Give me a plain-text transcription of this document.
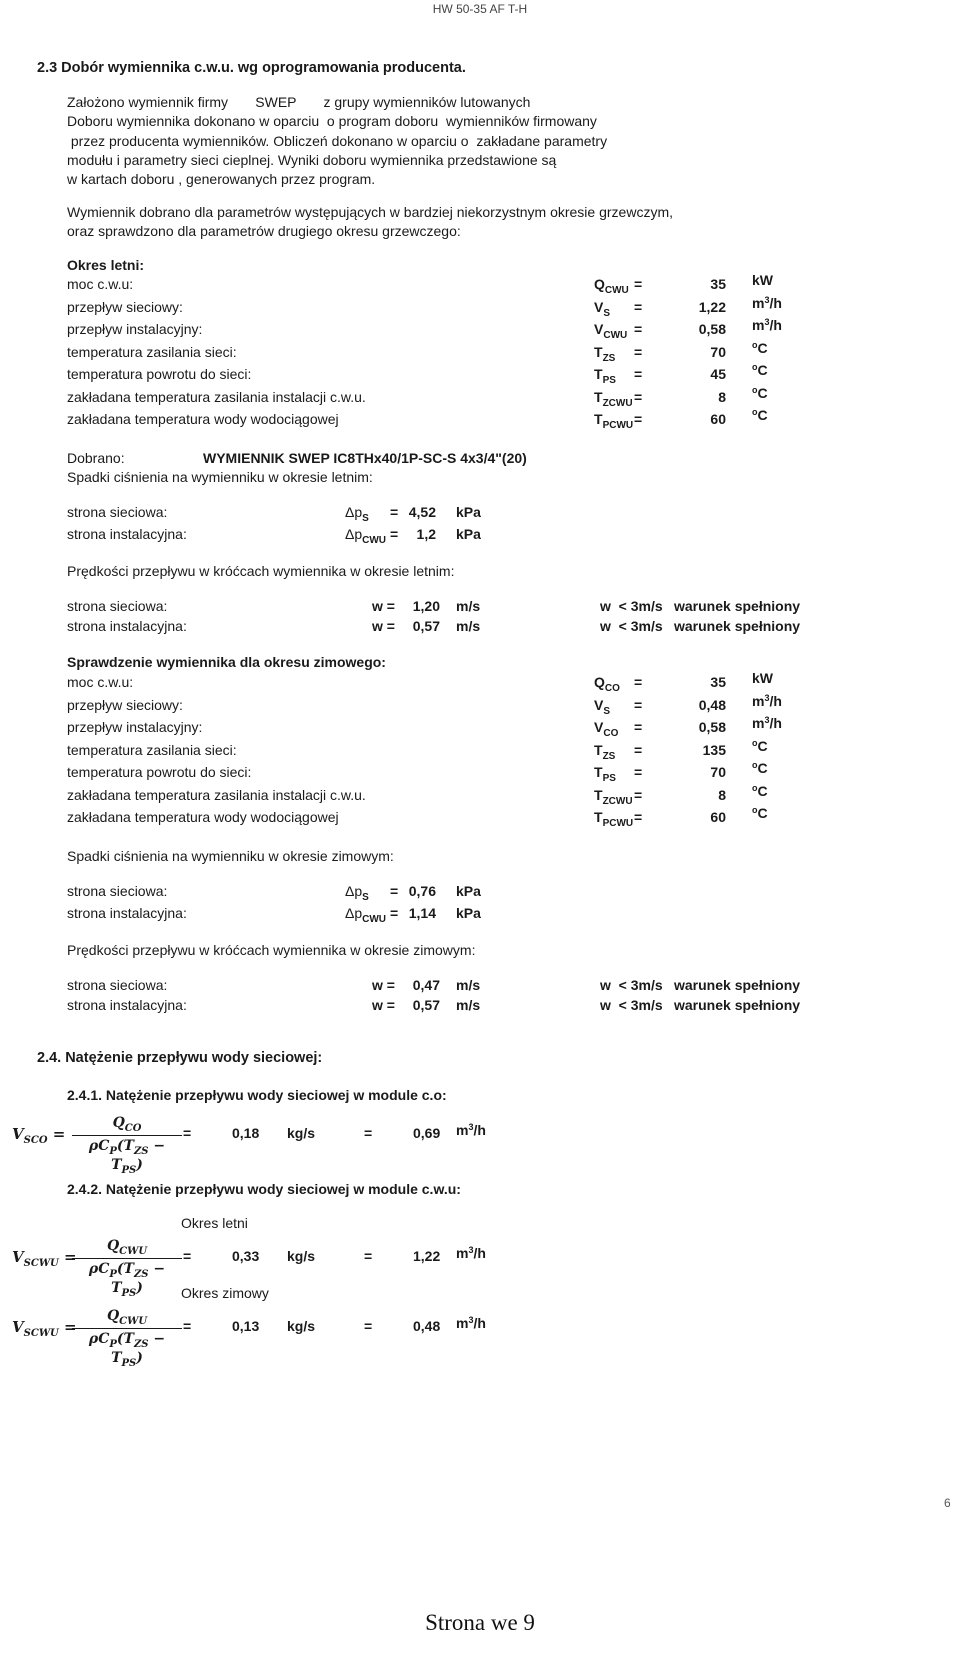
HW 50-35 AF T-H
2.3 Dobór wymiennika c.w.u. wg oprogramowania producenta.
Założono wymiennik firmy       SWEP       z grupy wymienników lutowanych
Doboru wymiennika dokonano w oparciu  o program doboru  wymienników firmowany
przez producenta wymienników. Obliczeń dokonano w oparciu o  zakładane parametry
modułu i parametry sieci cieplnej. Wyniki doboru wymiennika przedstawione są
w kartach doboru , generowanych przez program.
Wymiennik dobrano dla parametrów występujących w bardziej niekorzystnym okresie grzewczym,
oraz sprawdzono dla parametrów drugiego okresu grzewczego:
Okres letni:
moc c.w.u:	$Q_{CWU}$ =	35 kW
przepływ sieciowy:	$V_S$ =	1,22 $m^3/h$
przepływ instalacyjny:	$V_{CWU}$ =	0,58 $m^3/h$
temperatura zasilania sieci:	$T_{ZS}$ =	70	$^o$C
temperatura powrotu do sieci:	$T_{PS}$ =	45	$^o$C
zakładana temperatura zasilania instalacji c.w.u.	$T_{ZCWU}$ =	8	$^o$C
zakładana temperatura wody wodociągowej	$T_{PCWU}$ =	60	$^o$C
Dobrano:	WYMIENNIK SWEP IC8THx40/1P-SC-S 4x3/4"(20)
Spadki ciśnienia na wymienniku w okresie letnim:
strona sieciowa:	$\Delta p_S = 4,52$ kPa
strona instalacyjna:	$\Delta p_{CWU}$ =	1,2 kPa
Prędkości przepływu w króćcach wymiennika w okresie letnim:
strona sieciowa:	w =	1,20 m/s	w  < 3m/s warunek spełniony
strona instalacyjna:	w =	0,57 m/s	w  < 3m/s warunek spełniony
Sprawdzenie wymiennika dla okresu zimowego:
moc c.w.u:	$Q_{CO}$ =	35 kW
przepływ sieciowy:	$V_S$ =	0,48 $m^3/h$
przepływ instalacyjny:	$V_{CO}$ =	0,58 $m^3/h$
temperatura zasilania sieci:	$T_{ZS}$ =	135	$^o$C
temperatura powrotu do sieci:	$T_{PS}$ =	70	$^o$C
zakładana temperatura zasilania instalacji c.w.u.	$T_{ZCWU}$ =	8	$^o$C
zakładana temperatura wody wodociągowej	$T_{PCWU}$ =	60	$^o$C
Spadki ciśnienia na wymienniku w okresie zimowym:
strona sieciowa:	$\Delta p_S = 0,76$ kPa
strona instalacyjna:	$\Delta p_{CWU} = 1,14$ kPa
Prędkości przepływu w króćcach wymiennika w okresie zimowym:
strona sieciowa:	w =	0,47 m/s	w  < 3m/s warunek spełniony
strona instalacyjna:	w =	0,57 m/s	w  < 3m/s warunek spełniony
2.4. Natężenie przepływu wody sieciowej:
2.4.1. Natężenie przepływu wody sieciowej w module c.o:
$V_{SCO}$ =
$Q_{CO}$
$\rho C_P(T_{ZS} - T_{PS})$
=	0,18 kg/s	=	0,69 $m^3/h$
2.4.2. Natężenie przepływu wody sieciowej w module c.w.u:
Okres letni
$V_{SCWU}$ =
$Q_{CWU}$
$\rho C_P(T_{ZS} - T_{PS})$
=	0,33 kg/s	=	1,22 $m^3/h$
Okres zimowy
$V_{SCWU}$ =
$Q_{CWU}$
$\rho C_P(T_{ZS} - T_{PS})$
=	0,13 kg/s	=	0,48 $m^3/h$
6
Strona we 9
